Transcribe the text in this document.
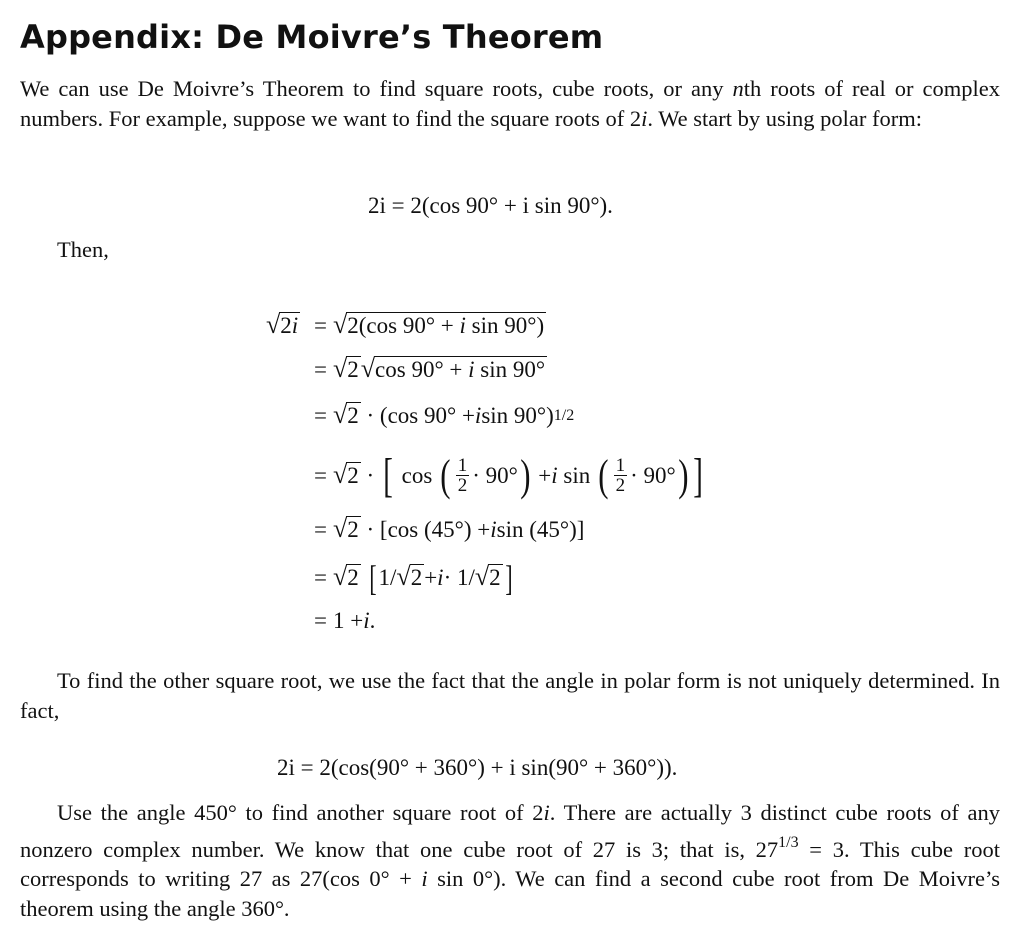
Appendix: De Moivre’s Theorem

We can use De Moivre’s Theorem to find square roots, cube roots, or any nth roots of real or complex numbers. For example, suppose we want to find the square roots of 2i. We start by using polar form:

2i = 2(cos 90° + i sin 90°).
Then,
√ 2i = √ 2(cos 90° + i sin 90°)
= √ 2 √ cos 90° + i sin 90°
= √ 2 · (cos 90° + i sin 90°) 1/2
= √ 2 · [ cos ( $\frac{1}{2} \cdot 90^\circ$ ) + i sin ( $\frac{1}{2} \cdot 90^\circ$ ) ]
= √ 2 · [cos (45°) + i sin (45°)]
= √ 2
[ 1/ √ 2 + i · 1/ √ 2 ]
= 1 + i .

To find the other square root, we use the fact that the angle in polar form is not uniquely determined. In fact,

2i = 2(cos(90° + 360°) + i sin(90° + 360°)).

Use the angle 450° to find another square root of 2i. There are actually 3 distinct cube roots of any nonzero complex number. We know that one cube root of 27 is 3; that is, $27^{1/3} = 3$. This cube root corresponds to writing 27 as 27(cos 0° + i sin 0°). We can find a second cube root from De Moivre’s theorem using the angle 360°.
